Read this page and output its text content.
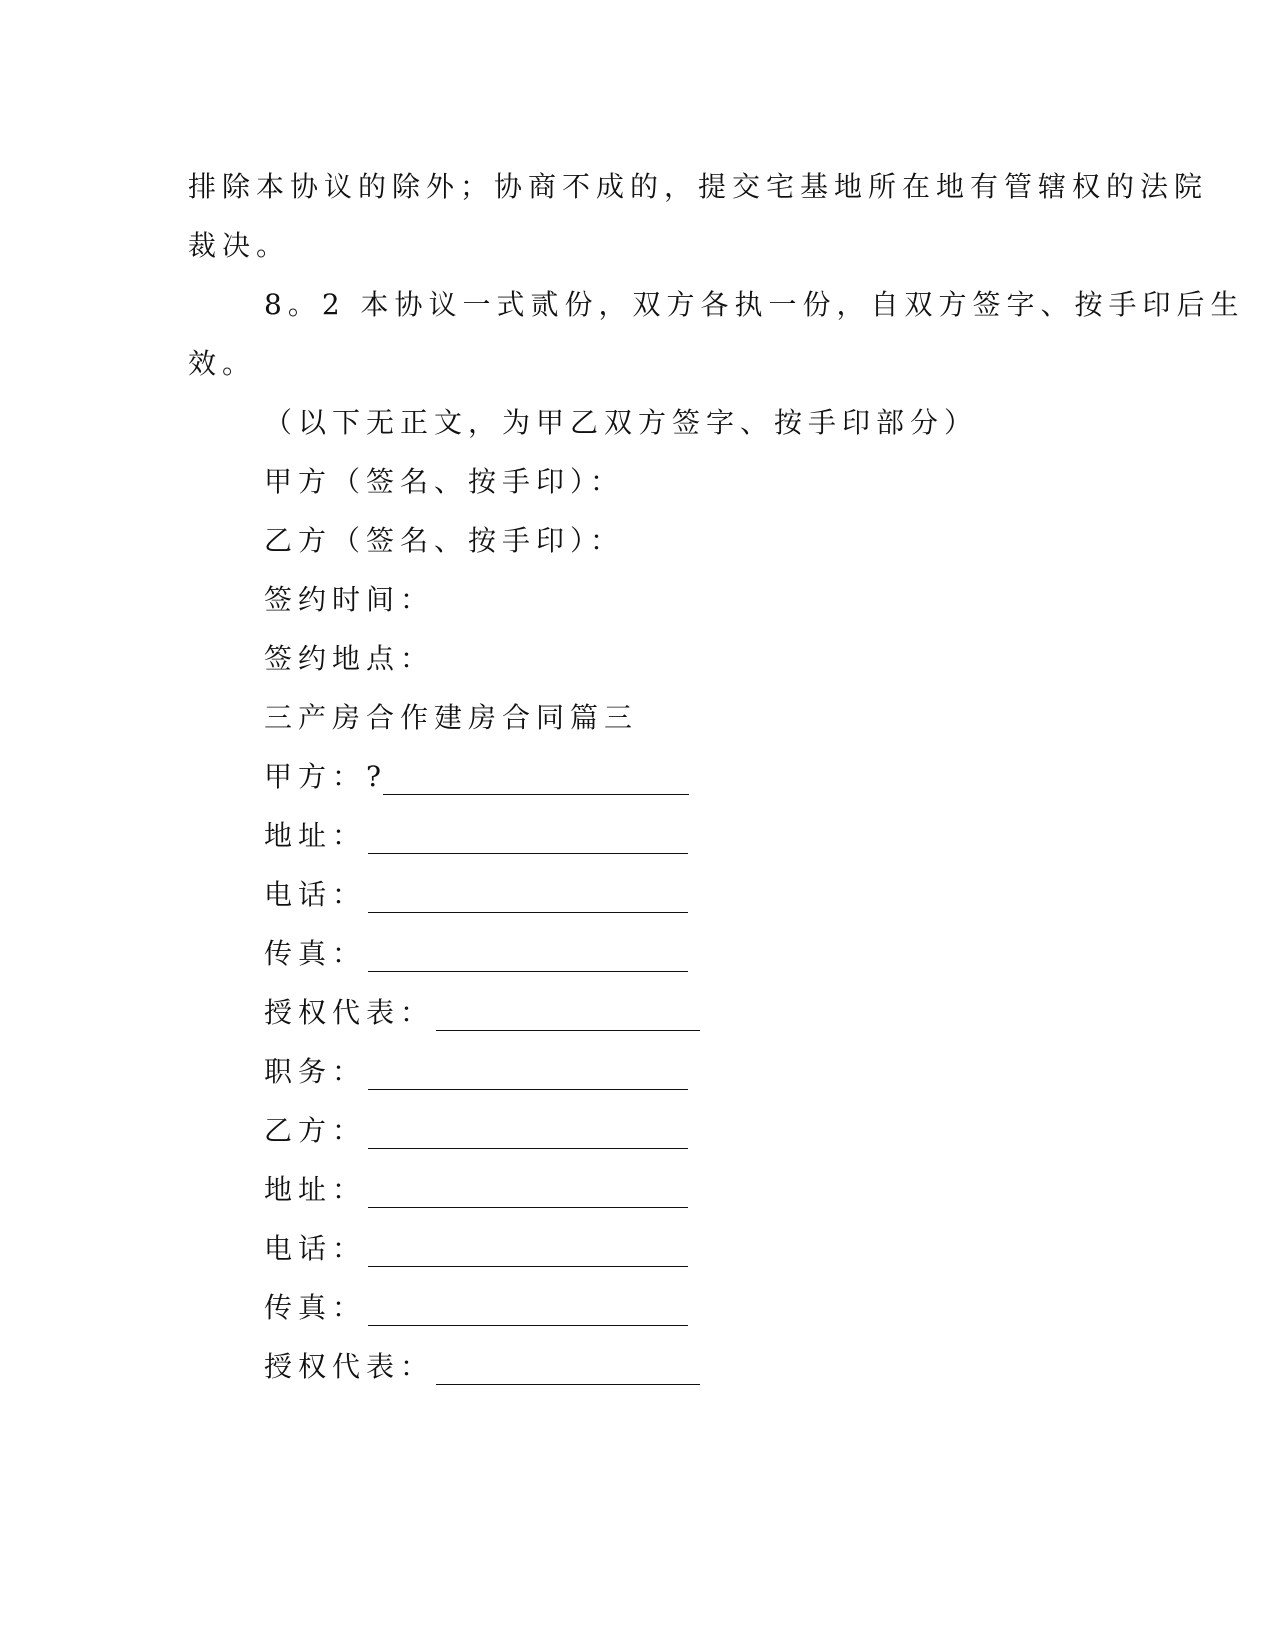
排除本协议的除外；协商不成的，提交宅基地所在地有管辖权的法院
裁决。
8。2 本协议一式贰份，双方各执一份，自双方签字、按手印后生
效。
（以下无正文，为甲乙双方签字、按手印部分）
甲方（签名、按手印）：
乙方（签名、按手印）：
签约时间：
签约地点：
三产房合作建房合同篇三
甲方： ?
地址：
电话：
传真：
授权代表：
职务：
乙方：
地址：
电话：
传真：
授权代表：
